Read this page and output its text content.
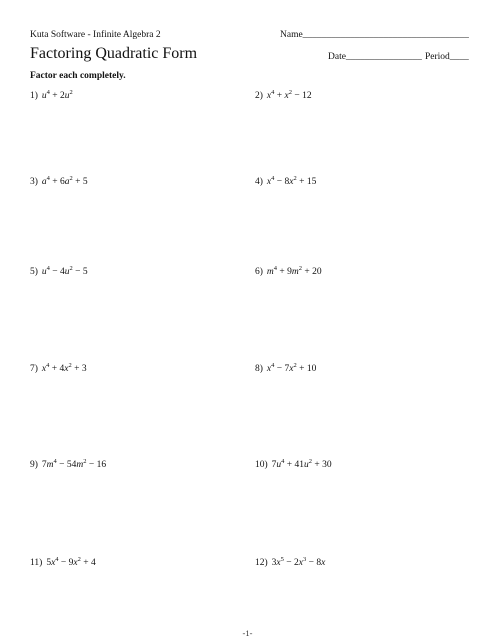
Kuta Software - Infinite Algebra 2	Name___________________________________
Factoring Quadratic Form	Date________________ Period____
Factor each completely.
1) $u^4 + 2u^2$	2) $x^4 + x^2 - 12$
3) $a^4 + 6a^2 + 5$	4) $x^4 - 8x^2 + 15$
5) $u^4 - 4u^2 - 5$	6) $m^4 + 9m^2 + 20$
7) $x^4 + 4x^2 + 3$	8) $x^4 - 7x^2 + 10$
9) $7m^4 - 54m^2 - 16$	10) $7u^4 + 41u^2 + 30$
11) $5x^4 - 9x^2 + 4$	12) $3x^5 - 2x^3 - 8x$
-1-
